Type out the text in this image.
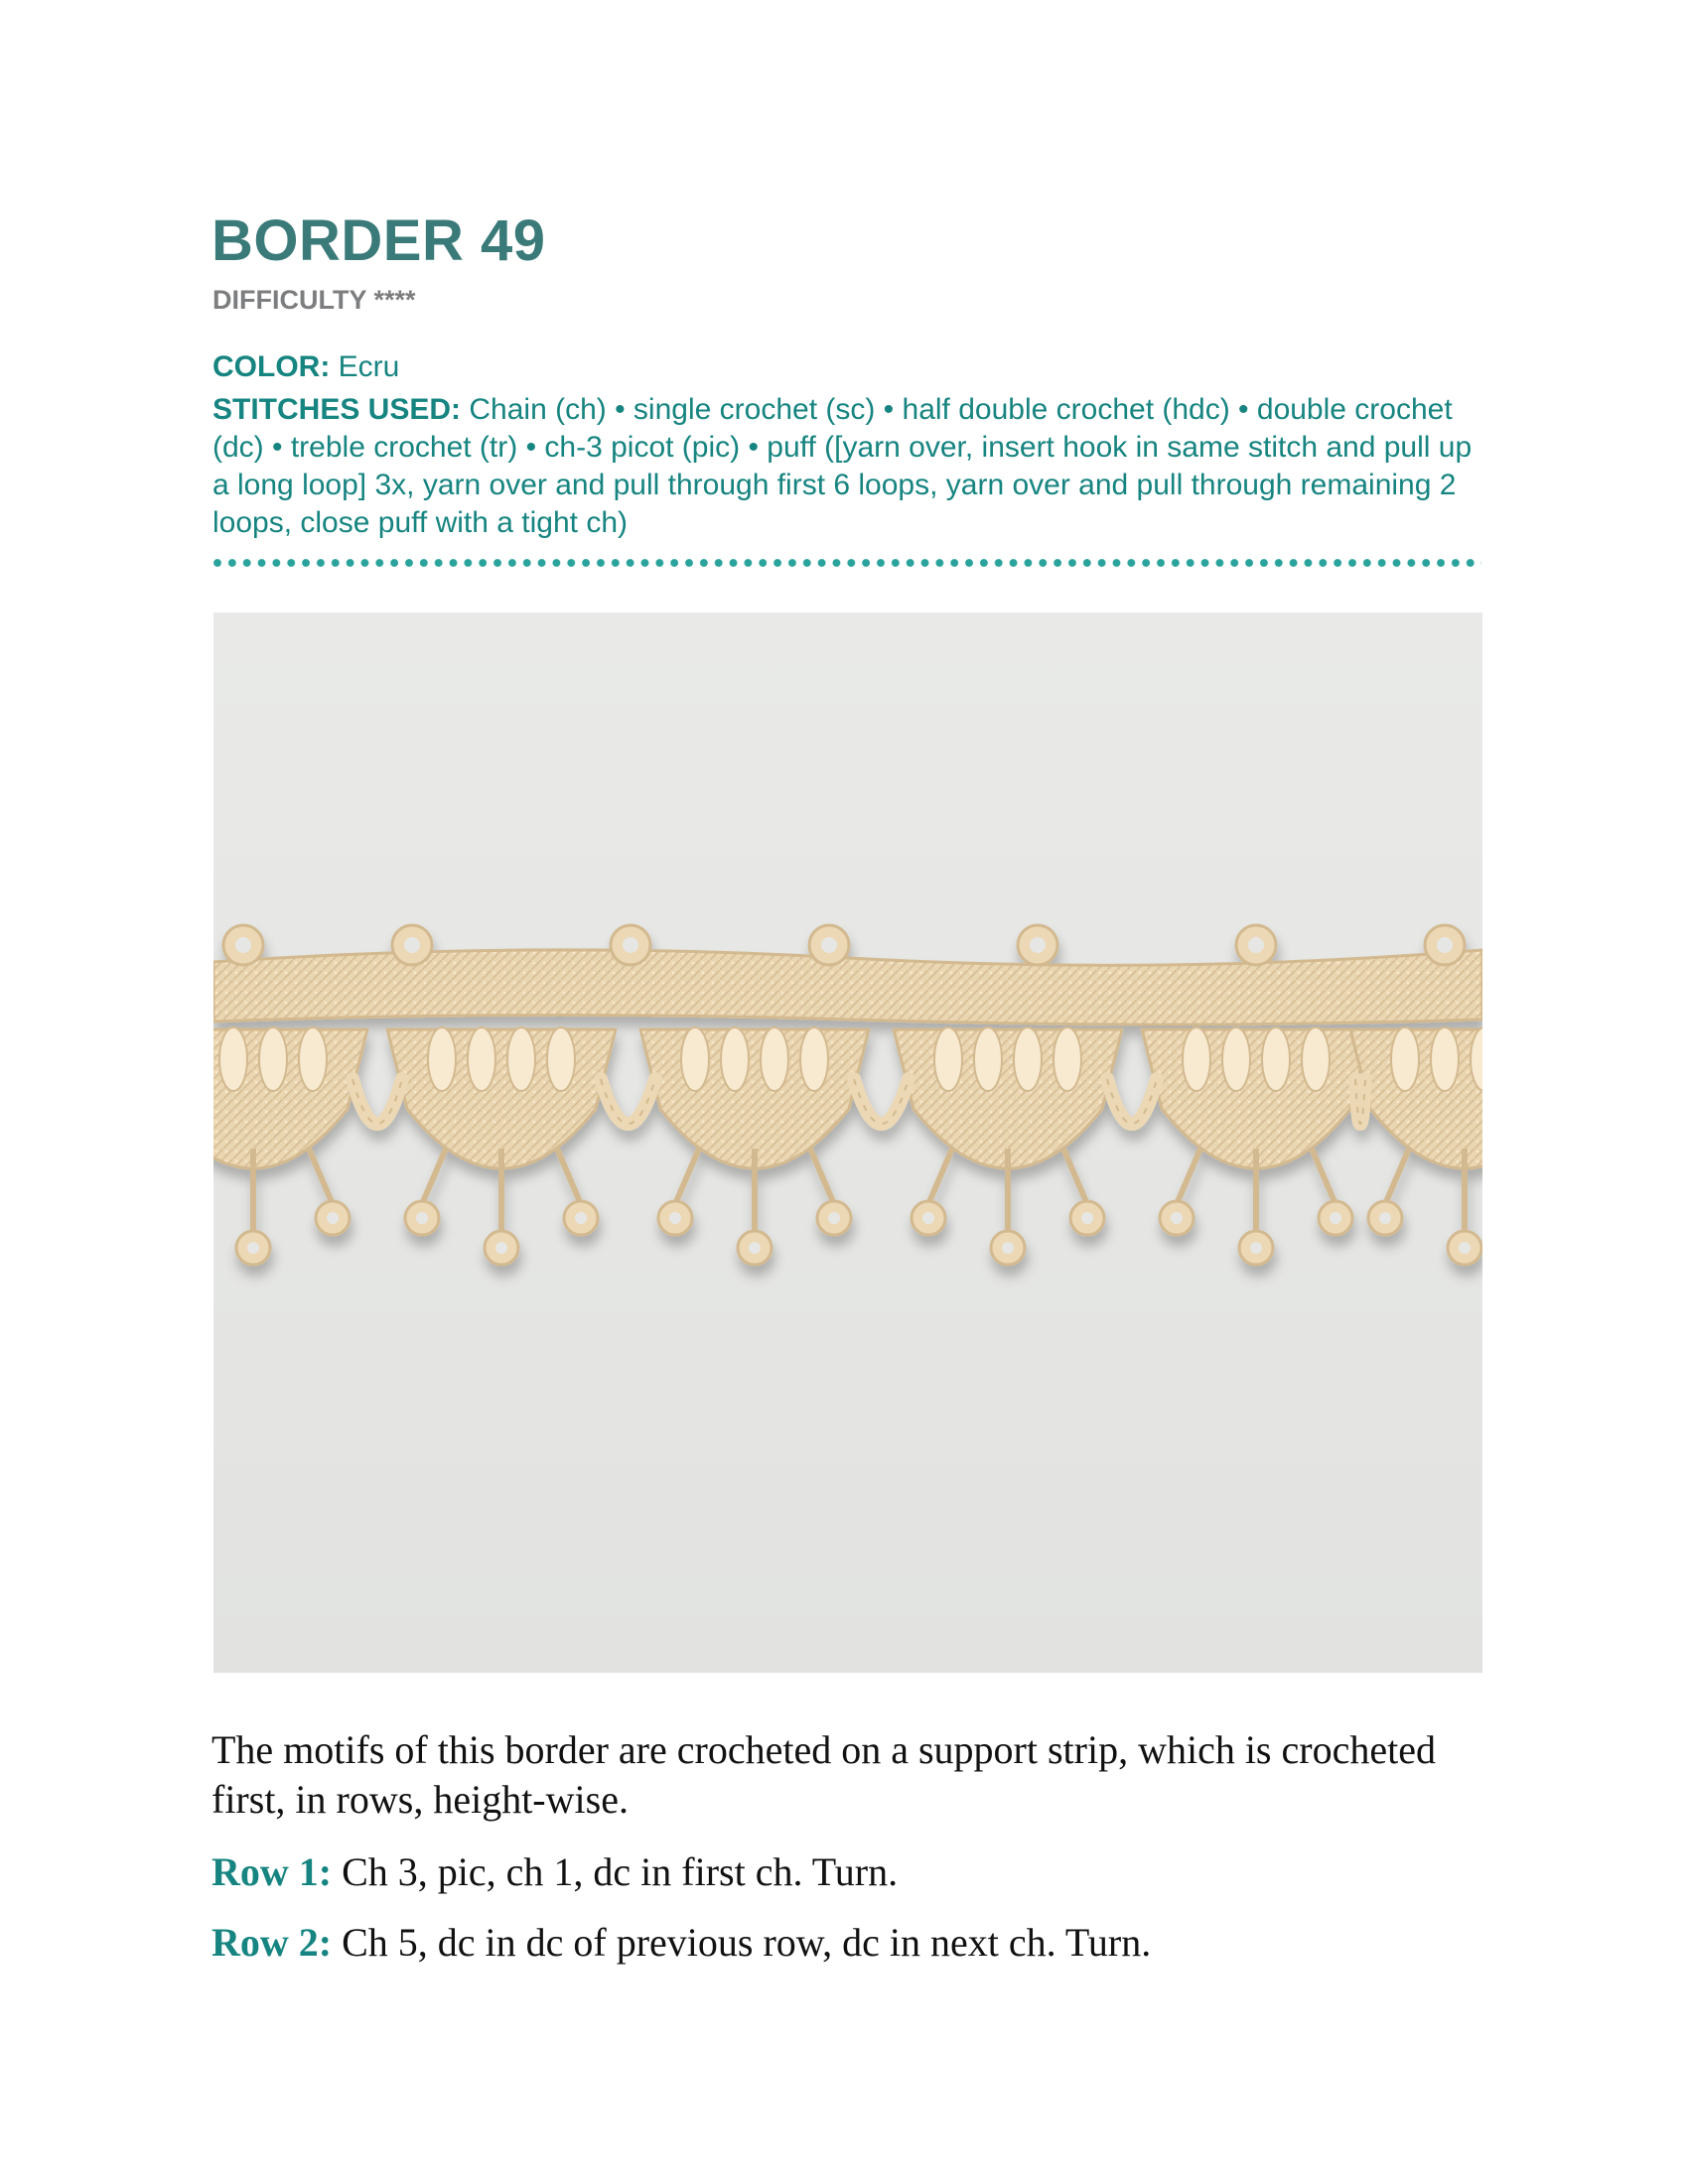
BORDER 49
DIFFICULTY ****
COLOR: Ecru
STITCHES USED: Chain (ch) • single crochet (sc) • half double crochet (hdc) • double crochet (dc) • treble crochet (tr) • ch-3 picot (pic) • puff ([yarn over, insert hook in same stitch and pull up a long loop] 3x, yarn over and pull through first 6 loops, yarn over and pull through remaining 2 loops, close puff with a tight ch)

The motifs of this border are crocheted on a support strip, which is crocheted first, in rows, height-wise.

Row 1: Ch 3, pic, ch 1, dc in first ch. Turn.

Row 2: Ch 5, dc in dc of previous row, dc in next ch. Turn.
